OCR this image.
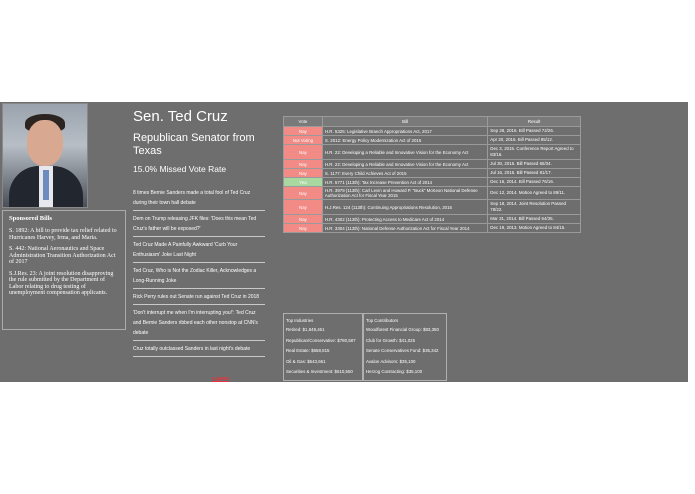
Sponsored Bills

S. 1892: A bill to provide tax relief related to Hurricanes Harvey, Irma, and Maria.

S. 442: National Aeronautics and Space Administration Transition Authorization Act of 2017

S.J.Res. 23: A joint resolution disapproving the rule submitted by the Department of Labor relating to drug testing of unemployment compensation applicants.

Sen. Ted Cruz
Republican Senator from Texas
15.0% Missed Vote Rate
8 times Bernie Sanders made a total fool of Ted Cruz during their town hall debate
Dem on Trump releasing JFK files: 'Does this mean Ted Cruz's father will be exposed?'
Ted Cruz Made A Painfully Awkward 'Curb Your Enthusiasm' Joke Last Night
Ted Cruz, Who is Not the Zodiac Killer, Acknowledges a Long-Running Joke
Rick Perry rules out Senate run against Ted Cruz in 2018
'Don't interrupt me when I'm interrupting you!': Ted Cruz and Bernie Sanders ribbed each other nonstop at CNN's debate
Cruz totally outclassed Sanders in last night's debate
a game
Vote	Bill	Result
Nay	H.R. 5325: Legislative Branch Appropriations Act, 2017	Sep 28, 2016. Bill Passed 72/26.
Not Voting	S. 2012: Energy Policy Modernization Act of 2015	Apr 20, 2016. Bill Passed 85/12.
Nay	H.R. 22: Developing a Reliable and Innovative Vision for the Economy Act	Dec 3, 2015. Conference Report Agreed to 83/16.
Nay	H.R. 22: Developing a Reliable and Innovative Vision for the Economy Act	Jul 30, 2015. Bill Passed 65/34.
Nay	S. 1177: Every Child Achieves Act of 2015	Jul 16, 2015. Bill Passed 81/17.
Yea	H.R. 5771 (113th): Tax Increase Prevention Act of 2014	Dec 16, 2014. Bill Passed 76/16.
Nay	H.R. 3979 (113th): Carl Levin and Howard P. "Buck" McKeon National Defense Authorization Act for Fiscal Year 2015	Dec 12, 2014. Motion Agreed to 89/11.
Nay	H.J.Res. 124 (113th): Continuing Appropriations Resolution, 2015	Sep 18, 2014. Joint Resolution Passed 78/22.
Nay	H.R. 4302 (113th): Protecting Access to Medicare Act of 2014	Mar 31, 2014. Bill Passed 64/35.
Nay	H.R. 3304 (113th): National Defense Authorization Act for Fiscal Year 2014	Dec 19, 2013. Motion Agreed to 84/15.
Top Industries
Retired: $1,849,461
Republican/Conservative: $780,587
Real Estate: $658,815
Oil & Gas: $643,661
Securities & Investment: $610,550
Top Contributors
Woodforest Financial Group: $83,350
Club for Growth: $41,025
Senate Conservatives Fund: $35,342
Avalon Advisors: $35,100
Herzog Contracting: $35,100
